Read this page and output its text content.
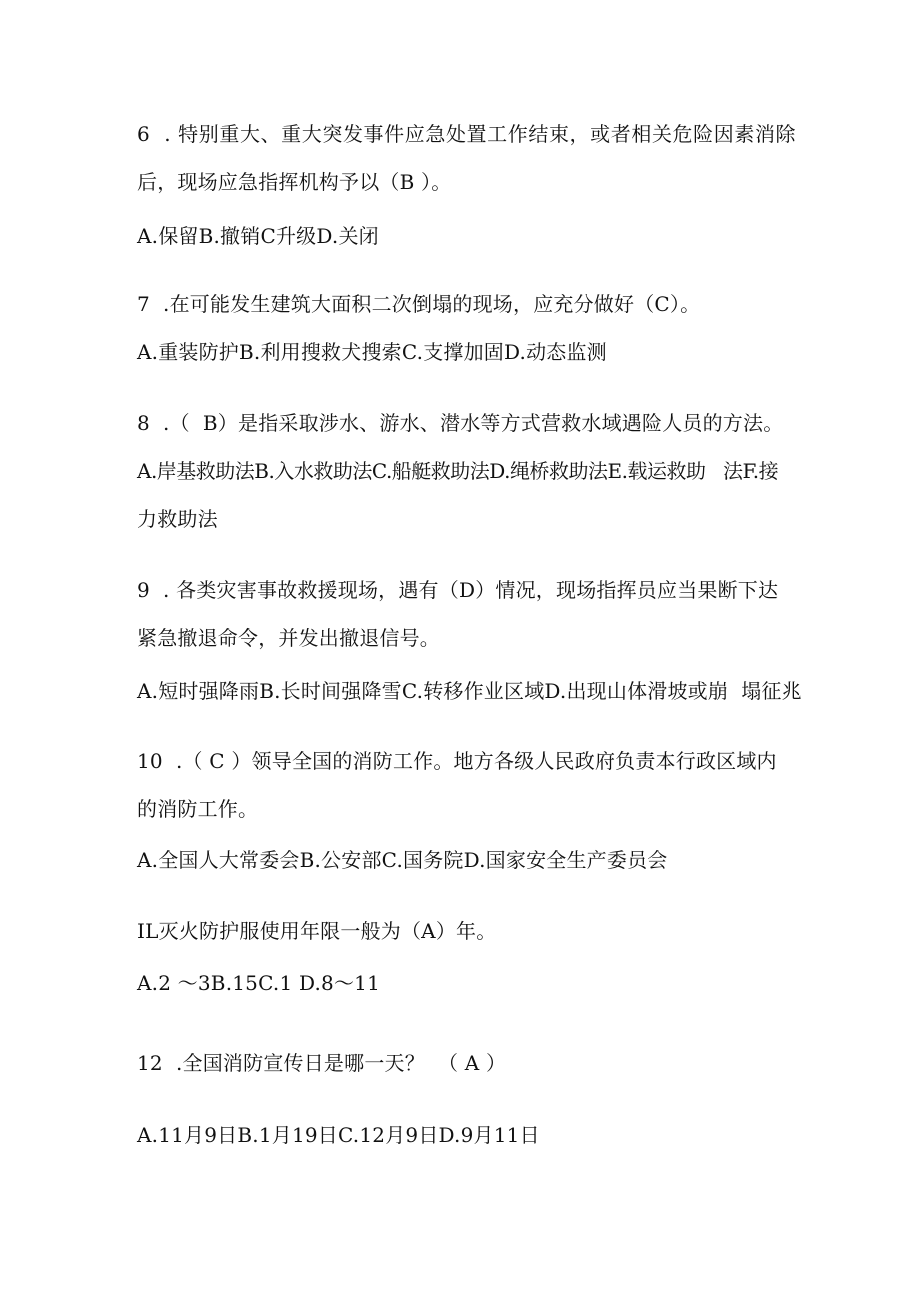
6  . 特别重大、重大突发事件应急处置工作结束，或者相关危险因素消除
后，现场应急指挥机构予以（B ）。
A.保留B.撤销C升级D.关闭
7  .在可能发生建筑大面积二次倒塌的现场，应充分做好（C）。
A.重装防护B.利用搜救犬搜索C.支撑加固D.动态监测
8  .（  B）是指采取涉水、游水、潜水等方式营救水域遇险人员的方法。
A.岸基救助法B.入水救助法C.船艇救助法D.绳桥救助法E.载运救助   法F.接
力救助法
9  . 各类灾害事故救援现场，遇有（D）情况，现场指挥员应当果断下达
紧急撤退命令，并发出撤退信号。
A.短时强降雨B.长时间强降雪C.转移作业区域D.出现山体滑坡或崩  塌征兆
10  .（ C ）领导全国的消防工作。地方各级人民政府负责本行政区域内
的消防工作。
A.全国人大常委会B.公安部C.国务院D.国家安全生产委员会
IL灭火防护服使用年限一般为（A）年。
A.2 ～3B.15C.1 D.8～11
12  .全国消防宣传日是哪一天？  （ A ）
A.11月9日B.1月19日C.12月9日D.9月11日
